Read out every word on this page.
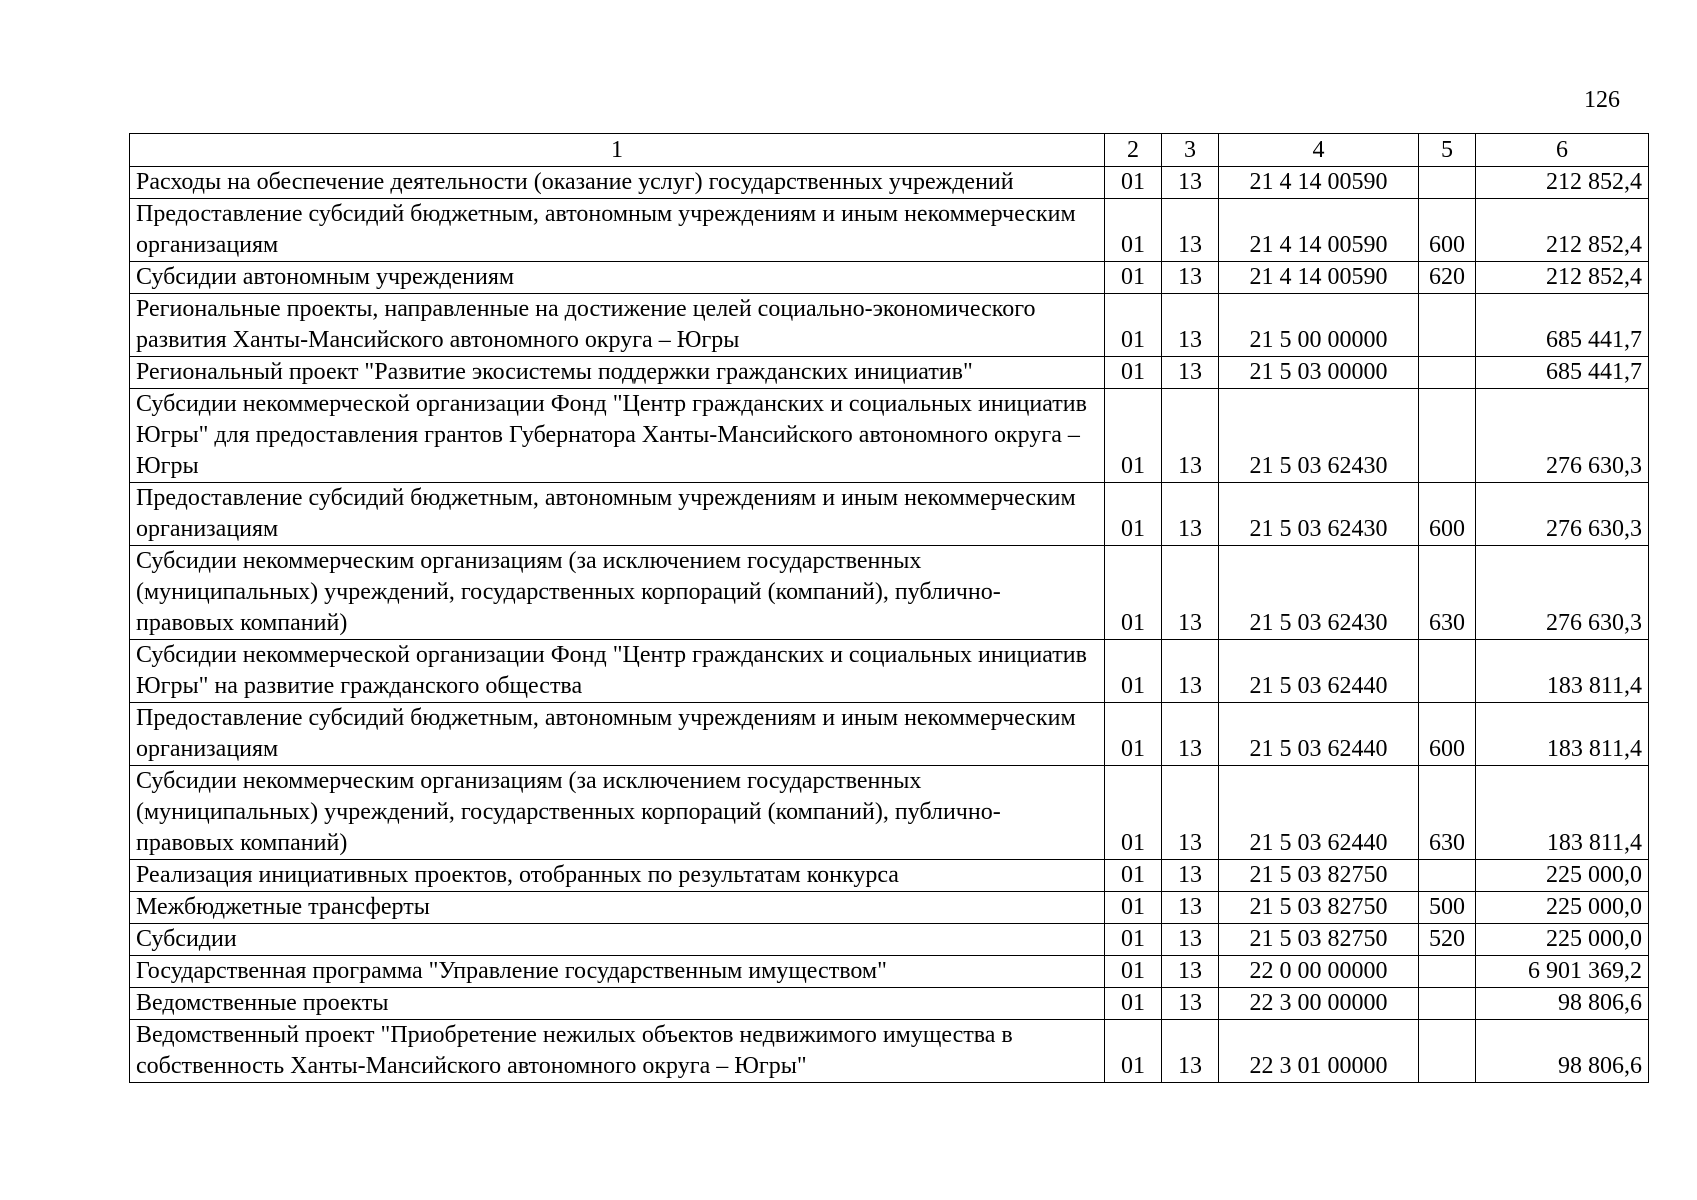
126
1	2	3	4	5	6
Расходы на обеспечение деятельности (оказание услуг) государственных учреждений	01	13	21 4 14 00590		212 852,4
Предоставление субсидий бюджетным, автономным учреждениям и иным некоммерческим организациям	01	13	21 4 14 00590	600	212 852,4
Субсидии автономным учреждениям	01	13	21 4 14 00590	620	212 852,4
Региональные проекты, направленные на достижение целей социально-экономического развития Ханты-Мансийского автономного округа – Югры	01	13	21 5 00 00000		685 441,7
Региональный проект "Развитие экосистемы поддержки гражданских инициатив"	01	13	21 5 03 00000		685 441,7
Субсидии некоммерческой организации Фонд "Центр гражданских и социальных инициатив Югры" для предоставления грантов Губернатора Ханты-Мансийского автономного округа – Югры	01	13	21 5 03 62430		276 630,3
Предоставление субсидий бюджетным, автономным учреждениям и иным некоммерческим организациям	01	13	21 5 03 62430	600	276 630,3
Субсидии некоммерческим организациям (за исключением государственных (муниципальных) учреждений, государственных корпораций (компаний), публично-правовых компаний)	01	13	21 5 03 62430	630	276 630,3
Субсидии некоммерческой организации Фонд "Центр гражданских и социальных инициатив Югры" на развитие гражданского общества	01	13	21 5 03 62440		183 811,4
Предоставление субсидий бюджетным, автономным учреждениям и иным некоммерческим организациям	01	13	21 5 03 62440	600	183 811,4
Субсидии некоммерческим организациям (за исключением государственных (муниципальных) учреждений, государственных корпораций (компаний), публично-правовых компаний)	01	13	21 5 03 62440	630	183 811,4
Реализация инициативных проектов, отобранных по результатам конкурса	01	13	21 5 03 82750		225 000,0
Межбюджетные трансферты	01	13	21 5 03 82750	500	225 000,0
Субсидии	01	13	21 5 03 82750	520	225 000,0
Государственная программа "Управление государственным имуществом"	01	13	22 0 00 00000		6 901 369,2
Ведомственные проекты	01	13	22 3 00 00000		98 806,6
Ведомственный проект "Приобретение нежилых объектов недвижимого имущества в собственность Ханты-Мансийского автономного округа – Югры"	01	13	22 3 01 00000		98 806,6
